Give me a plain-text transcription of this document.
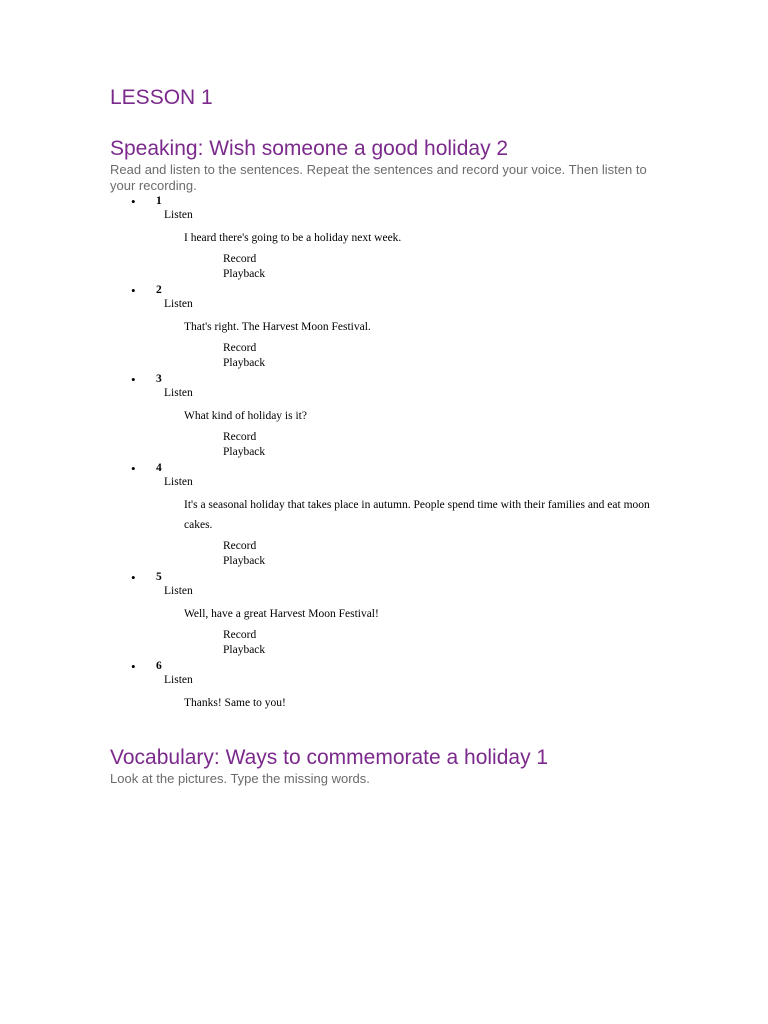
LESSON 1
Speaking: Wish someone a good holiday 2

Read and listen to the sentences. Repeat the sentences and record your voice. Then listen to your recording.

• 1
Listen
I heard there's going to be a holiday next week.
Record
Playback
• 2
Listen
That's right. The Harvest Moon Festival.
Record
Playback
• 3
Listen
What kind of holiday is it?
Record
Playback
• 4
Listen
It's a seasonal holiday that takes place in autumn. People spend time with their families and eat moon cakes.
Record
Playback
• 5
Listen
Well, have a great Harvest Moon Festival!
Record
Playback
• 6
Listen
Thanks! Same to you!
Vocabulary: Ways to commemorate a holiday 1

Look at the pictures. Type the missing words.
